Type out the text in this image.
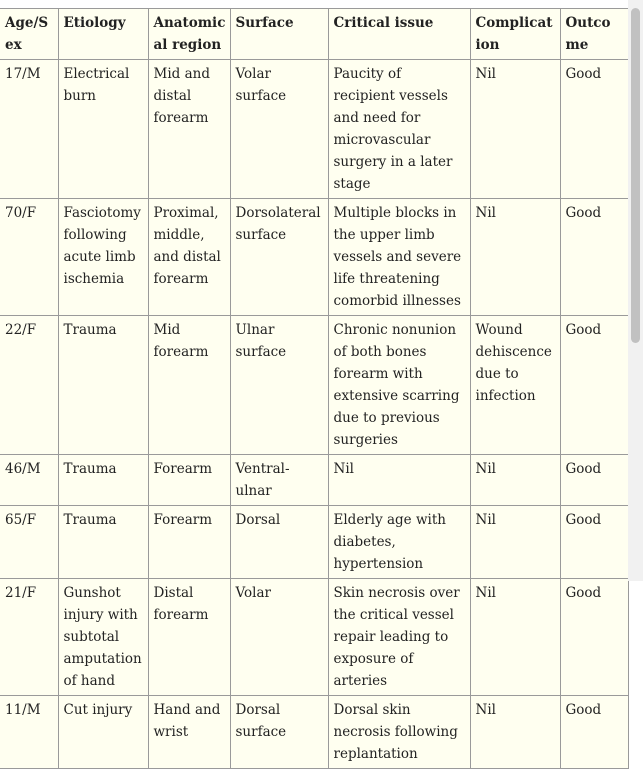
Age/Sex	Etiology	Anatomical region	Surface	Critical issue	Complication	Outcome
17/M	Electrical burn	Mid and distal forearm	Volar surface	Paucity of recipient vessels and need for microvascular surgery in a later stage	Nil	Good
70/F	Fasciotomy following acute limb ischemia	Proximal, middle, and distal forearm	Dorsolateral surface	Multiple blocks in the upper limb vessels and severe life threatening comorbid illnesses	Nil	Good
22/F	Trauma	Mid forearm	Ulnar surface	Chronic nonunion of both bones forearm with extensive scarring due to previous surgeries	Wound dehiscence due to infection	Good
46/M	Trauma	Forearm	Ventral-ulnar	Nil	Nil	Good
65/F	Trauma	Forearm	Dorsal	Elderly age with diabetes, hypertension	Nil	Good
21/F	Gunshot injury with subtotal amputation of hand	Distal forearm	Volar	Skin necrosis over the critical vessel repair leading to exposure of arteries	Nil	Good
11/M	Cut injury	Hand and wrist	Dorsal surface	Dorsal skin necrosis following replantation	Nil	Good
